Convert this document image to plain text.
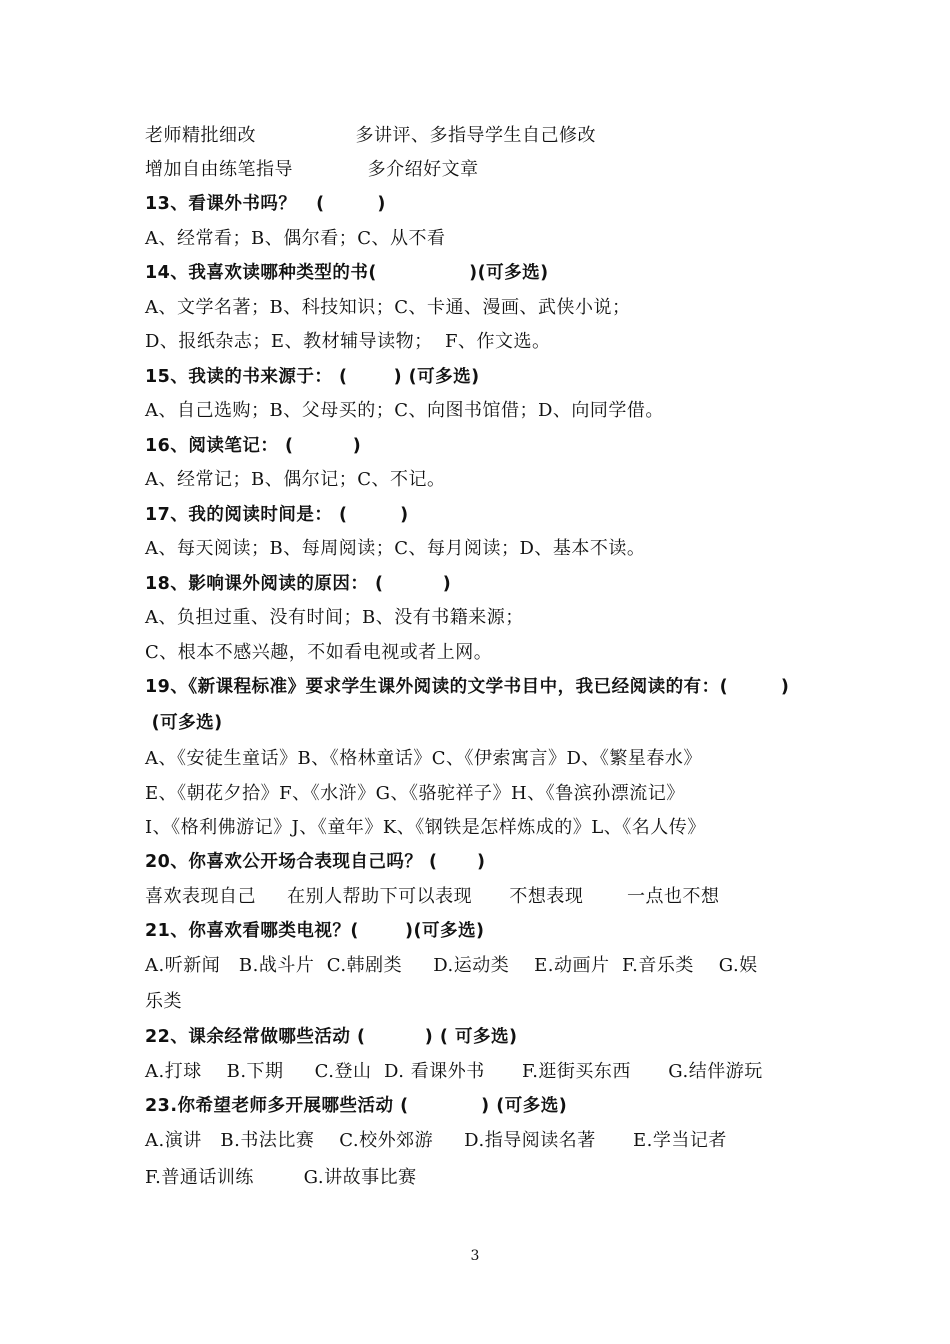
老师精批细改                多讲评、多指导学生自己修改
增加自由练笔指导            多介绍好文章
13、看课外书吗？   (        )
A、经常看；B、偶尔看；C、从不看
14、我喜欢读哪种类型的书(              )(可多选)
A、文学名著；B、科技知识；C、卡通、漫画、武侠小说；
D、报纸杂志；E、教材辅导读物；  F、作文选。
15、我读的书来源于： (       ) (可多选)
A、自己选购；B、父母买的；C、向图书馆借；D、向同学借。
16、阅读笔记： (         )
A、经常记；B、偶尔记；C、不记。
17、我的阅读时间是： (        )
A、每天阅读；B、每周阅读；C、每月阅读；D、基本不读。
18、影响课外阅读的原因： (         )
A、负担过重、没有时间；B、没有书籍来源；
C、根本不感兴趣，不如看电视或者上网。
19、《新课程标准》要求学生课外阅读的文学书目中，我已经阅读的有：(        )
(可多选)
A、《安徒生童话》B、《格林童话》C、《伊索寓言》D、《繁星春水》
E、《朝花夕拾》F、《水浒》G、《骆驼祥子》H、《鲁滨孙漂流记》
I、《格利佛游记》J、《童年》K、《钢铁是怎样炼成的》L、《名人传》
20、你喜欢公开场合表现自己吗？ (      )
喜欢表现自己     在别人帮助下可以表现      不想表现       一点也不想
21、你喜欢看哪类电视？(       )(可多选)
A.听新闻   B.战斗片  C.韩剧类     D.运动类    E.动画片  F.音乐类    G.娱
乐类
22、课余经常做哪些活动 (         ) ( 可多选)
A.打球    B.下期     C.登山  D. 看课外书      F.逛街买东西      G.结伴游玩
23.你希望老师多开展哪些活动 (           ) (可多选)
A.演讲   B.书法比赛    C.校外郊游     D.指导阅读名著      E.学当记者
F.普通话训练        G.讲故事比赛
3
